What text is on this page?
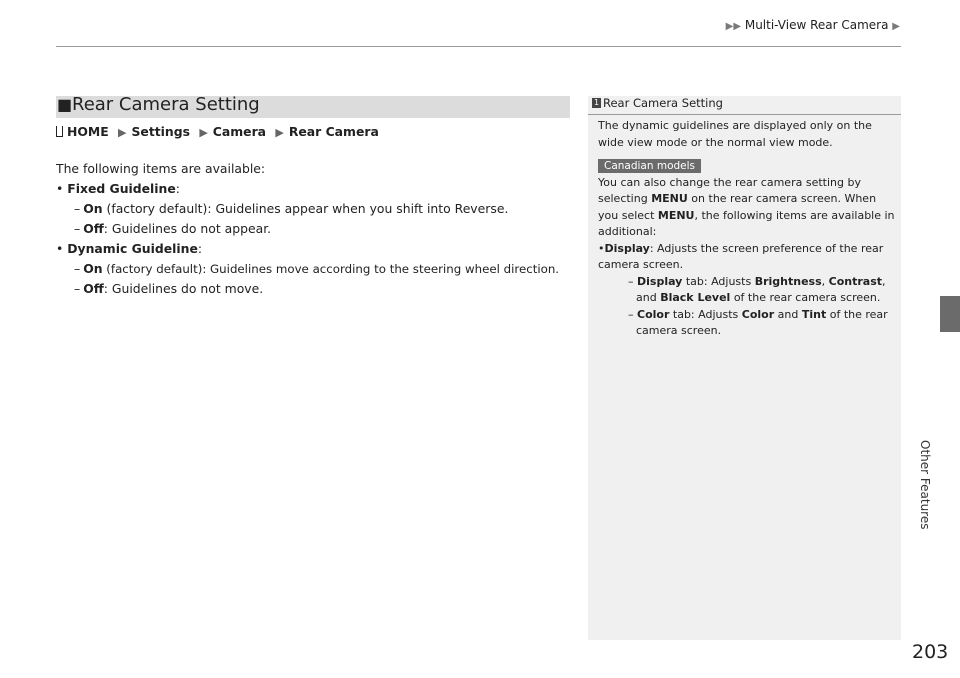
▶▶ Multi-View Rear Camera ▶
Other Features
203
■ Rear Camera Setting
HOME ▶ Settings ▶ Camera ▶ Rear Camera
The following items are available:
• Fixed Guideline:
– On (factory default): Guidelines appear when you shift into Reverse.
– Off: Guidelines do not appear.
• Dynamic Guideline:
– On (factory default): Guidelines move according to the steering wheel direction.
– Off: Guidelines do not move.
1 Rear Camera Setting
The dynamic guidelines are displayed only on the wide view mode or the normal view mode.
Canadian models
You can also change the rear camera setting by selecting MENU on the rear camera screen. When you select MENU, the following items are available in additional:
•Display: Adjusts the screen preference of the rear camera screen.
– Display tab: Adjusts Brightness, Contrast, and Black Level of the rear camera screen.
– Color tab: Adjusts Color and Tint of the rear camera screen.
